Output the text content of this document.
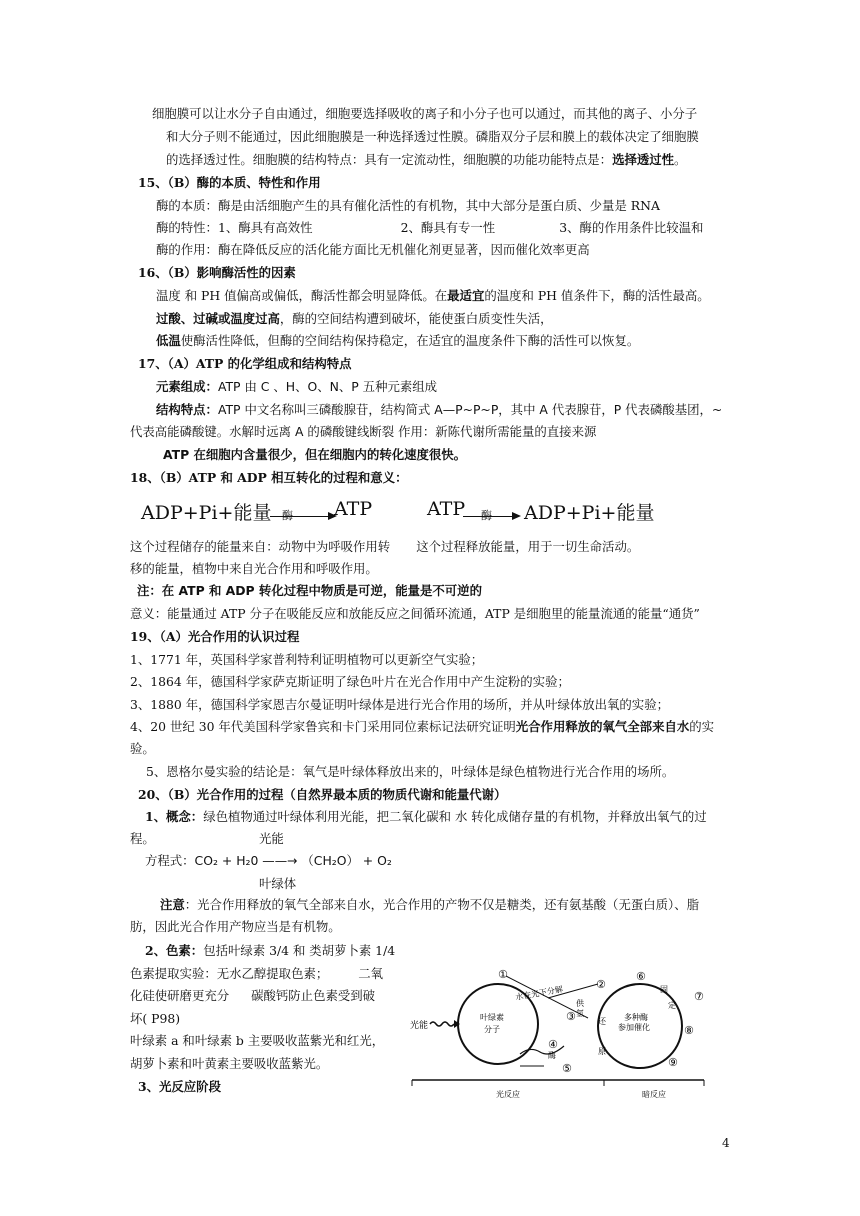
细胞膜可以让水分子自由通过，细胞要选择吸收的离子和小分子也可以通过，而其他的离子、小分子
和大分子则不能通过，因此细胞膜是一种选择透过性膜。磷脂双分子层和膜上的载体决定了细胞膜
的选择透过性。细胞膜的结构特点：具有一定流动性，细胞膜的功能功能特点是：选择透过性。
15、（B）酶的本质、特性和作用
酶的本质：酶是由活细胞产生的具有催化活性的有机物，其中大部分是蛋白质、少量是 RNA
酶的特性：1、酶具有高效性	2、酶具有专一性	3、酶的作用条件比较温和
酶的作用：酶在降低反应的活化能方面比无机催化剂更显著，因而催化效率更高
16、（B）影响酶活性的因素
温度 和 PH 值偏高或偏低，酶活性都会明显降低。在最适宜的温度和 PH 值条件下，酶的活性最高。
过酸、过碱或温度过高，酶的空间结构遭到破坏，能使蛋白质变性失活，
低温使酶活性降低，但酶的空间结构保持稳定，在适宜的温度条件下酶的活性可以恢复。
17、（A）ATP 的化学组成和结构特点
元素组成：ATP 由 C 、H、O、N、P 五种元素组成
结构特点：ATP 中文名称叫三磷酸腺苷，结构简式 A—P~P~P，其中 A 代表腺苷，P 代表磷酸基团，~
代表高能磷酸键。水解时远离 A 的磷酸键线断裂 作用：新陈代谢所需能量的直接来源
ATP 在细胞内含量很少，但在细胞内的转化速度很快。
18、（B）ATP 和 ADP 相互转化的过程和意义：
ADP+Pi+能量 酶 ATP	ATP 酶 ADP+Pi+能量
这个过程储存的能量来自：动物中为呼吸作用转 这个过程释放能量，用于一切生命活动。
移的能量，植物中来自光合作用和呼吸作用。
注：在 ATP 和 ADP 转化过程中物质是可逆，能量是不可逆的
意义：能量通过 ATP 分子在吸能反应和放能反应之间循环流通，ATP 是细胞里的能量流通的能量“通货”
19、（A）光合作用的认识过程
1、1771 年，英国科学家普利特利证明植物可以更新空气实验；
2、1864 年，德国科学家萨克斯证明了绿色叶片在光合作用中产生淀粉的实验；
3、1880 年，德国科学家恩吉尔曼证明叶绿体是进行光合作用的场所，并从叶绿体放出氧的实验；
4、20 世纪 30 年代美国科学家鲁宾和卡门采用同位素标记法研究证明光合作用释放的氧气全部来自水的实
验。
5、恩格尔曼实验的结论是：氧气是叶绿体释放出来的，叶绿体是绿色植物进行光合作用的场所。
20、（B）光合作用的过程（自然界最本质的物质代谢和能量代谢）
1、概念：绿色植物通过叶绿体利用光能，把二氧化碳和 水 转化成储存量的有机物，并释放出氧气的过
程。	光能
方程式：CO₂ + H₂0 ——→ （CH₂O） + O₂
叶绿体
注意：光合作用释放的氧气全部来自水，光合作用的产物不仅是糖类，还有氨基酸（无蛋白质）、脂
肪，因此光合作用产物应当是有机物。
2、色素：包括叶绿素 3/4 和 类胡萝卜素 1/4
色素提取实验：无水乙醇提取色素； 二氧
化硅使研磨更充分 碳酸钙防止色素受到破
坏( P98)
叶绿素 a 和叶绿素 b 主要吸收蓝紫光和红光，
胡萝卜素和叶黄素主要吸收蓝紫光。
3、光反应阶段
光能
叶绿素
分子
水在光下分解
供
氢
还
原
多种酶
参加催化
固
定
酶
①
②
③
④
⑤
⑥
⑦
⑧
⑨
光反应	暗反应
4
